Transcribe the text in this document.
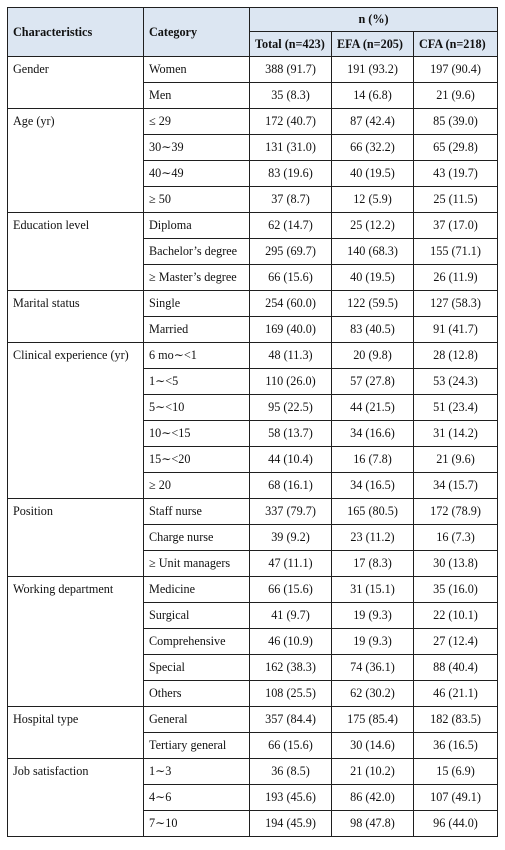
Characteristics	Category	n (%)		
		Total (n=423)	EFA (n=205)	CFA (n=218)
Gender	Women	388 (91.7)	191 (93.2)	197 (90.4)
	Men	35 (8.3)	14 (6.8)	21 (9.6)
Age (yr)	≤ 29	172 (40.7)	87 (42.4)	85 (39.0)
	30∼39	131 (31.0)	66 (32.2)	65 (29.8)
	40∼49	83 (19.6)	40 (19.5)	43 (19.7)
	≥ 50	37 (8.7)	12 (5.9)	25 (11.5)
Education level	Diploma	62 (14.7)	25 (12.2)	37 (17.0)
	Bachelor’s degree	295 (69.7)	140 (68.3)	155 (71.1)
	≥ Master’s degree	66 (15.6)	40 (19.5)	26 (11.9)
Marital status	Single	254 (60.0)	122 (59.5)	127 (58.3)
	Married	169 (40.0)	83 (40.5)	91 (41.7)
Clinical experience (yr)	6 mo∼<1	48 (11.3)	20 (9.8)	28 (12.8)
	1∼<5	110 (26.0)	57 (27.8)	53 (24.3)
	5∼<10	95 (22.5)	44 (21.5)	51 (23.4)
	10∼<15	58 (13.7)	34 (16.6)	31 (14.2)
	15∼<20	44 (10.4)	16 (7.8)	21 (9.6)
	≥ 20	68 (16.1)	34 (16.5)	34 (15.7)
Position	Staff nurse	337 (79.7)	165 (80.5)	172 (78.9)
	Charge nurse	39 (9.2)	23 (11.2)	16 (7.3)
	≥ Unit managers	47 (11.1)	17 (8.3)	30 (13.8)
Working department	Medicine	66 (15.6)	31 (15.1)	35 (16.0)
	Surgical	41 (9.7)	19 (9.3)	22 (10.1)
	Comprehensive	46 (10.9)	19 (9.3)	27 (12.4)
	Special	162 (38.3)	74 (36.1)	88 (40.4)
	Others	108 (25.5)	62 (30.2)	46 (21.1)
Hospital type	General	357 (84.4)	175 (85.4)	182 (83.5)
	Tertiary general	66 (15.6)	30 (14.6)	36 (16.5)
Job satisfaction	1∼3	36 (8.5)	21 (10.2)	15 (6.9)
	4∼6	193 (45.6)	86 (42.0)	107 (49.1)
	7∼10	194 (45.9)	98 (47.8)	96 (44.0)
